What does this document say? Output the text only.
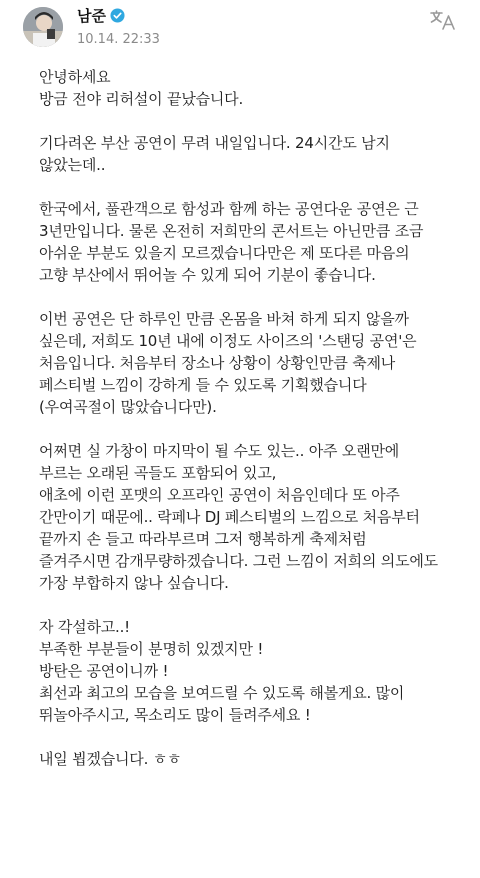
남준
10.14. 22:33
안녕하세요
방금 전야 리허설이 끝났습니다.
기다려온 부산 공연이 무려 내일입니다. 24시간도 남지
않았는데..
한국에서, 풀관객으로 함성과 함께 하는 공연다운 공연은 근
3년만입니다. 물론 온전히 저희만의 콘서트는 아닌만큼 조금
아쉬운 부분도 있을지 모르겠습니다만은 제 또다른 마음의
고향 부산에서 뛰어놀 수 있게 되어 기분이 좋습니다.
이번 공연은 단 하루인 만큼 온몸을 바쳐 하게 되지 않을까
싶은데, 저희도 10년 내에 이정도 사이즈의 '스탠딩 공연'은
처음입니다. 처음부터 장소나 상황이 상황인만큼 축제나
페스티벌 느낌이 강하게 들 수 있도록 기획했습니다
(우여곡절이 많았습니다만).
어쩌면 실 가창이 마지막이 될 수도 있는.. 아주 오랜만에
부르는 오래된 곡들도 포함되어 있고,
애초에 이런 포맷의 오프라인 공연이 처음인데다 또 아주
간만이기 때문에.. 락페나 DJ 페스티벌의 느낌으로 처음부터
끝까지 손 들고 따라부르며 그저 행복하게 축제처럼
즐겨주시면 감개무량하겠습니다. 그런 느낌이 저희의 의도에도
가장 부합하지 않나 싶습니다.
자 각설하고..!
부족한 부분들이 분명히 있겠지만 !
방탄은 공연이니까 !
최선과 최고의 모습을 보여드릴 수 있도록 해볼게요. 많이
뛰놀아주시고, 목소리도 많이 들려주세요 !
내일 뵙겠습니다. ㅎㅎ
